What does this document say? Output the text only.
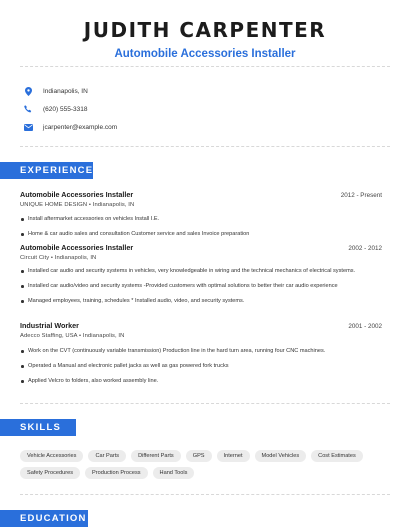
JUDITH CARPENTER
Automobile Accessories Installer
Indianapolis, IN
(620) 555-3318
jcarpenter@example.com
EXPERIENCE
Automobile Accessories Installer	2012 - Present
UNIQUE HOME DESIGN • Indianapolis, IN
Install aftermarket accessories on vehicles Install I.E.
Home & car audio sales and consultation Customer service and sales Invoice preparation
Automobile Accessories Installer	2002 - 2012
Circuit City • Indianapolis, IN
Installed car audio and security systems in vehicles, very knowledgeable in wiring and the technical mechanics of electrical systems.
Installed car audio/video and security systems -Provided customers with optimal solutions to better their car audio experience
Managed employees, training, schedules * Installed audio, video, and security systems.
Industrial Worker	2001 - 2002
Adecco Staffing, USA • Indianapolis, IN
Work on the CVT (continuously variable transmission) Production line in the hard turn area, running four CNC machines.
Operated a Manual and electronic pallet jacks as well as gas powered fork trucks
Applied Velcro to folders, also worked assembly line.
SKILLS
Vehicle Accessories	Car Parts	Different Parts	GPS	Internet	Model Vehicles	Cost Estimates
Safety Procedures	Production Process	Hand Tools
EDUCATION
